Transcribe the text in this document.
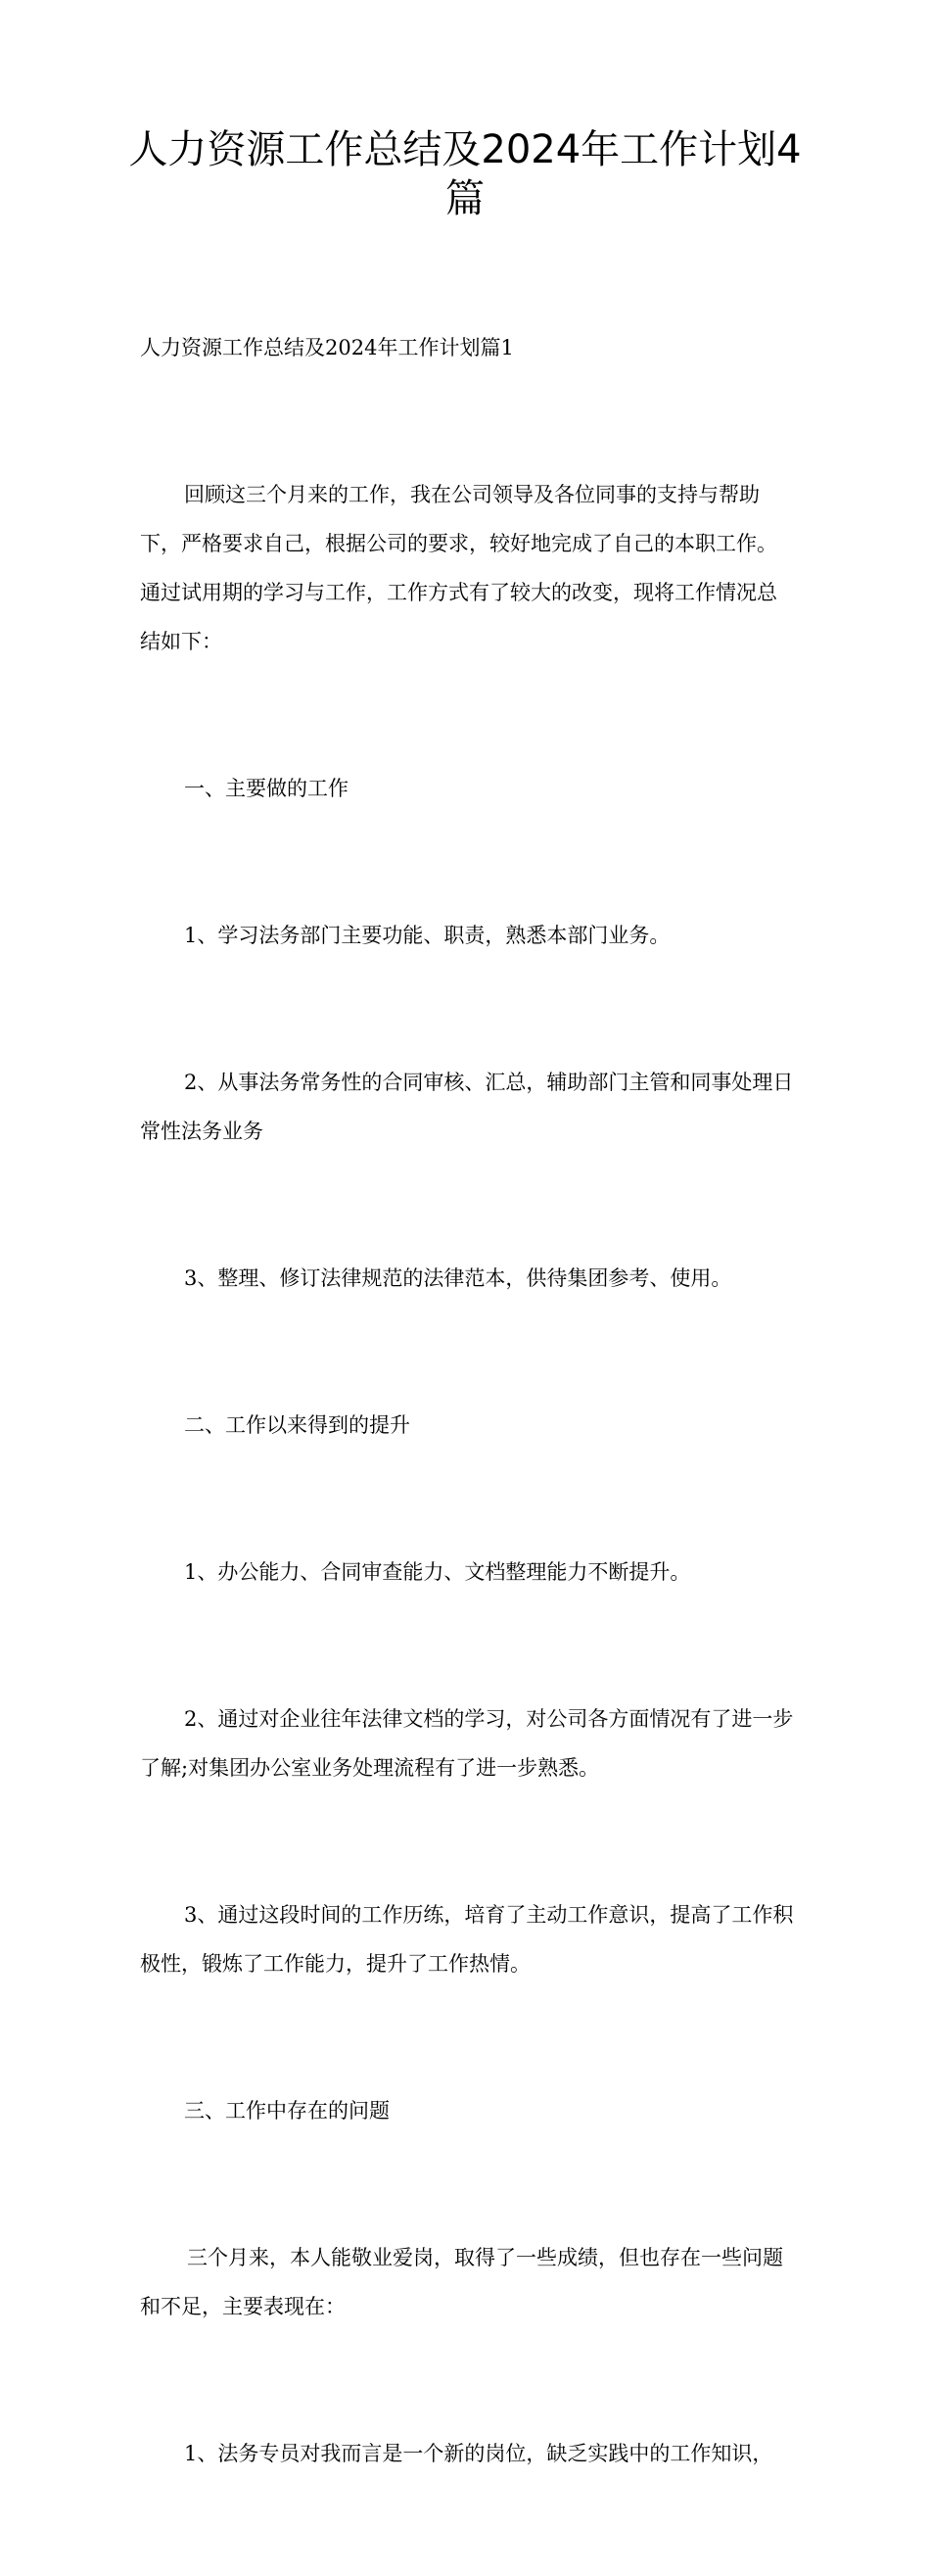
人力资源工作总结及2024年工作计划4篇

人力资源工作总结及2024年工作计划篇1

回顾这三个月来的工作，我在公司领导及各位同事的支持与帮助下，严格要求自己，根据公司的要求，较好地完成了自己的本职工作。通过试用期的学习与工作，工作方式有了较大的改变，现将工作情况总结如下：

一、主要做的工作

1、学习法务部门主要功能、职责，熟悉本部门业务。

2、从事法务常务性的合同审核、汇总，辅助部门主管和同事处理日常性法务业务

3、整理、修订法律规范的法律范本，供待集团参考、使用。

二、工作以来得到的提升

1、办公能力、合同审查能力、文档整理能力不断提升。

2、通过对企业往年法律文档的学习，对公司各方面情况有了进一步了解;对集团办公室业务处理流程有了进一步熟悉。

3、通过这段时间的工作历练，培育了主动工作意识，提高了工作积极性，锻炼了工作能力，提升了工作热情。

三、工作中存在的问题

三个月来，本人能敬业爱岗，取得了一些成绩，但也存在一些问题和不足，主要表现在：

1、法务专员对我而言是一个新的岗位，缺乏实践中的工作知识，
